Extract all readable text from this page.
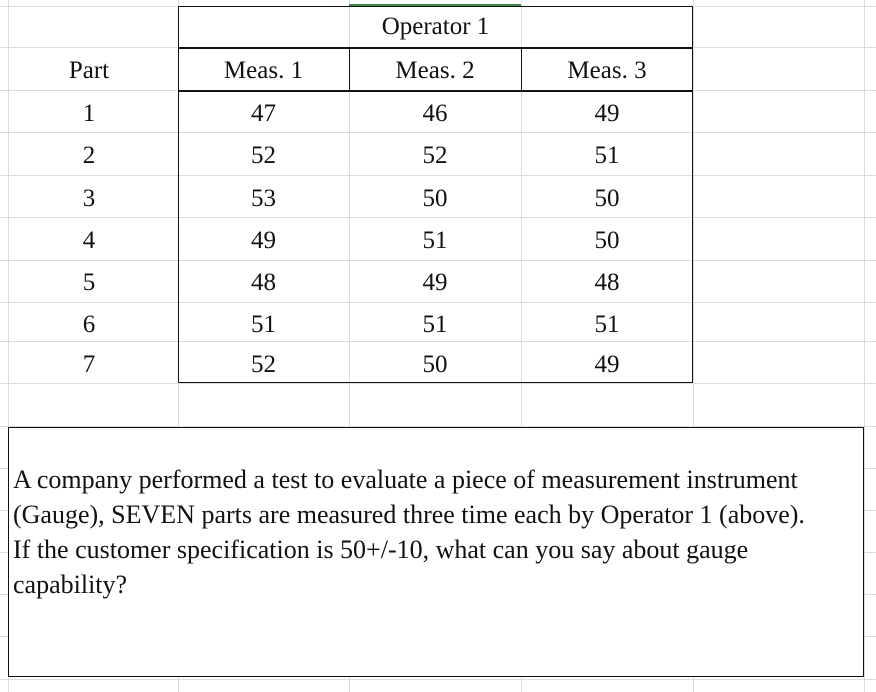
Operator 1
Part	Meas. 1	Meas. 2	Meas. 3
1	47	46	49
2	52	52	51
3	53	50	50
4	49	51	50
5	48	49	48
6	51	51	51
7	52	50	49

A company performed a test to evaluate a piece of measurement instrument (Gauge), SEVEN parts are measured three time each by Operator 1 (above).

If the customer specification is 50+/-10, what can you say about gauge capability?
